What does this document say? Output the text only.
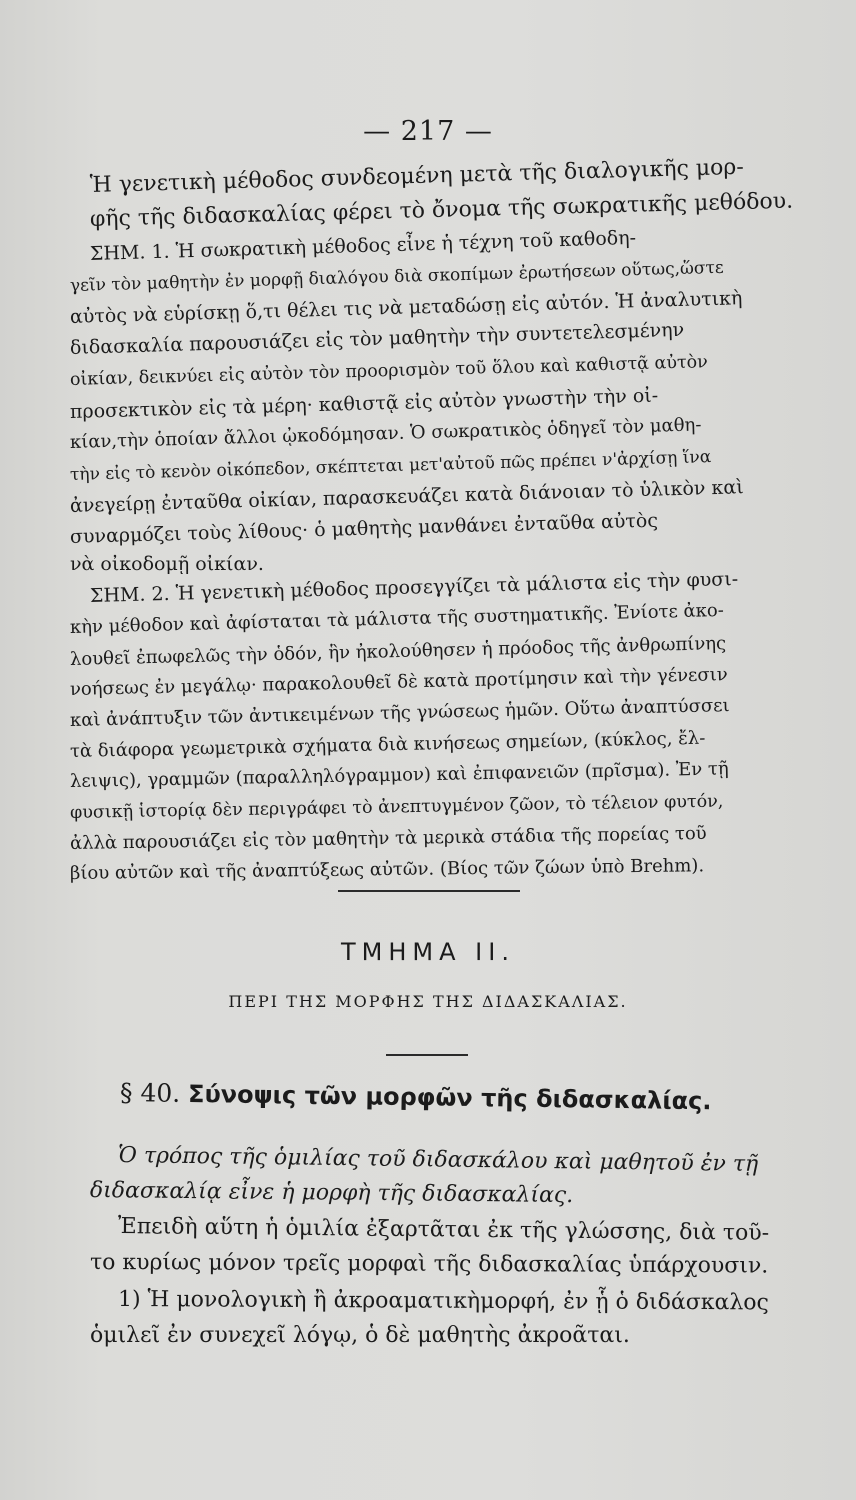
— 217 —
Ἡ γενετικὴ μέθοδος συνδεομένη μετὰ τῆς διαλογικῆς μορ-
φῆς τῆς διδασκαλίας φέρει τὸ ὄνομα τῆς σωκρατικῆς μεθόδου.
ΣΗΜ. 1. Ἡ σωκρατικὴ μέθοδος εἶνε ἡ τέχνη τοῦ καθοδη-
γεῖν τὸν μαθητὴν ἐν μορφῇ διαλόγου διὰ σκοπίμων ἐρωτήσεων οὕτως,ὥστε
αὐτὸς νὰ εὑρίσκῃ ὅ,τι θέλει τις νὰ μεταδώσῃ εἰς αὐτόν. Ἡ ἀναλυτικὴ
διδασκαλία παρουσιάζει εἰς τὸν μαθητὴν τὴν συντετελεσμένην
οἰκίαν, δεικνύει εἰς αὐτὸν τὸν προορισμὸν τοῦ ὅλου καὶ καθιστᾷ αὐτὸν
προσεκτικὸν εἰς τὰ μέρη· καθιστᾷ εἰς αὐτὸν γνωστὴν τὴν οἰ-
κίαν,τὴν ὁποίαν ἄλλοι ᾠκοδόμησαν. Ὁ σωκρατικὸς ὁδηγεῖ τὸν μαθη-
τὴν εἰς τὸ κενὸν οἰκόπεδον, σκέπτεται μετ'αὐτοῦ πῶς πρέπει ν'ἀρχίσῃ ἵνα
ἀνεγείρῃ ἐνταῦθα οἰκίαν, παρασκευάζει κατὰ διάνοιαν τὸ ὑλικὸν καὶ
συναρμόζει τοὺς λίθους· ὁ μαθητὴς μανθάνει ἐνταῦθα αὐτὸς
νὰ οἰκοδομῇ οἰκίαν.
ΣΗΜ. 2. Ἡ γενετικὴ μέθοδος προσεγγίζει τὰ μάλιστα εἰς τὴν φυσι-
κὴν μέθοδον καὶ ἀφίσταται τὰ μάλιστα τῆς συστηματικῆς. Ἐνίοτε ἀκο-
λουθεῖ ἐπωφελῶς τὴν ὁδόν, ἣν ἠκολούθησεν ἡ πρόοδος τῆς ἀνθρωπίνης
νοήσεως ἐν μεγάλῳ· παρακολουθεῖ δὲ κατὰ προτίμησιν καὶ τὴν γένεσιν
καὶ ἀνάπτυξιν τῶν ἀντικειμένων τῆς γνώσεως ἡμῶν. Οὕτω ἀναπτύσσει
τὰ διάφορα γεωμετρικὰ σχήματα διὰ κινήσεως σημείων, (κύκλος, ἔλ-
λειψις), γραμμῶν (παραλληλόγραμμον) καὶ ἐπιφανειῶν (πρῖσμα). Ἐν τῇ
φυσικῇ ἱστορίᾳ δὲν περιγράφει τὸ ἀνεπτυγμένον ζῶον, τὸ τέλειον φυτόν,
ἀλλὰ παρουσιάζει εἰς τὸν μαθητὴν τὰ μερικὰ στάδια τῆς πορείας τοῦ
βίου αὐτῶν καὶ τῆς ἀναπτύξεως αὐτῶν. (Βίος τῶν ζώων ὑπὸ Brehm).
ΤΜΗΜΑ ΙΙ.
ΠΕΡΙ ΤΗΣ ΜΟΡΦΗΣ ΤΗΣ ΔΙΔΑΣΚΑΛΙΑΣ.
§ 40. Σύνοψις τῶν μορφῶν τῆς διδασκαλίας.
Ὁ τρόπος τῆς ὁμιλίας τοῦ διδασκάλου καὶ μαθητοῦ ἐν τῇ
διδασκαλίᾳ εἶνε ἡ μορφὴ τῆς διδασκαλίας.
Ἐπειδὴ αὕτη ἡ ὁμιλία ἐξαρτᾶται ἐκ τῆς γλώσσης, διὰ τοῦ-
το κυρίως μόνον τρεῖς μορφαὶ τῆς διδασκαλίας ὑπάρχουσιν.
1) Ἡ μονολογικὴ ἢ ἀκροαματικὴμορφή, ἐν ᾗ ὁ διδάσκαλος
ὁμιλεῖ ἐν συνεχεῖ λόγῳ, ὁ δὲ μαθητὴς ἀκροᾶται.
